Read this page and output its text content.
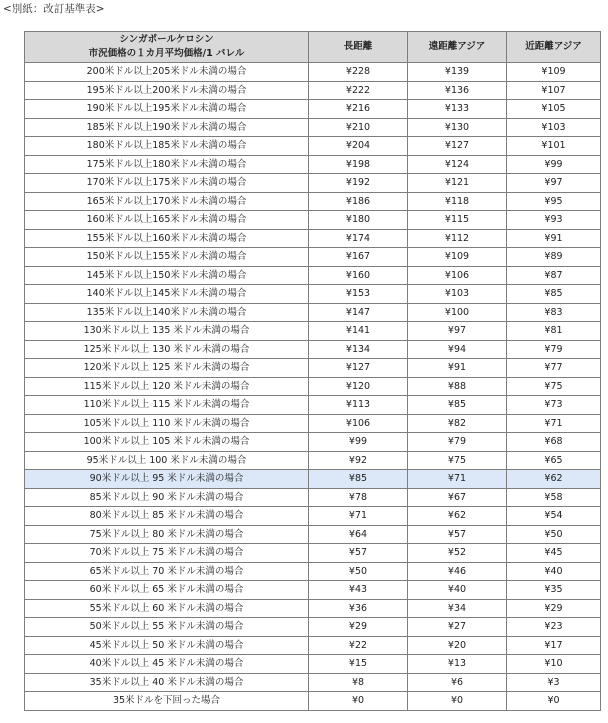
<別紙：改訂基準表>
シンガポールケロシン
市況価格の１カ月平均価格/1 バレル	長距離	遠距離アジア	近距離アジア
200米ドル以上205米ドル未満の場合	¥228	¥139	¥109
195米ドル以上200米ドル未満の場合	¥222	¥136	¥107
190米ドル以上195米ドル未満の場合	¥216	¥133	¥105
185米ドル以上190米ドル未満の場合	¥210	¥130	¥103
180米ドル以上185米ドル未満の場合	¥204	¥127	¥101
175米ドル以上180米ドル未満の場合	¥198	¥124	¥99
170米ドル以上175米ドル未満の場合	¥192	¥121	¥97
165米ドル以上170米ドル未満の場合	¥186	¥118	¥95
160米ドル以上165米ドル未満の場合	¥180	¥115	¥93
155米ドル以上160米ドル未満の場合	¥174	¥112	¥91
150米ドル以上155米ドル未満の場合	¥167	¥109	¥89
145米ドル以上150米ドル未満の場合	¥160	¥106	¥87
140米ドル以上145米ドル未満の場合	¥153	¥103	¥85
135米ドル以上140米ドル未満の場合	¥147	¥100	¥83
130米ドル以上 135 米ドル未満の場合	¥141	¥97	¥81
125米ドル以上 130 米ドル未満の場合	¥134	¥94	¥79
120米ドル以上 125 米ドル未満の場合	¥127	¥91	¥77
115米ドル以上 120 米ドル未満の場合	¥120	¥88	¥75
110米ドル以上 115 米ドル未満の場合	¥113	¥85	¥73
105米ドル以上 110 米ドル未満の場合	¥106	¥82	¥71
100米ドル以上 105 米ドル未満の場合	¥99	¥79	¥68
95米ドル以上 100 米ドル未満の場合	¥92	¥75	¥65
90米ドル以上 95 米ドル未満の場合	¥85	¥71	¥62
85米ドル以上 90 米ドル未満の場合	¥78	¥67	¥58
80米ドル以上 85 米ドル未満の場合	¥71	¥62	¥54
75米ドル以上 80 米ドル未満の場合	¥64	¥57	¥50
70米ドル以上 75 米ドル未満の場合	¥57	¥52	¥45
65米ドル以上 70 米ドル未満の場合	¥50	¥46	¥40
60米ドル以上 65 米ドル未満の場合	¥43	¥40	¥35
55米ドル以上 60 米ドル未満の場合	¥36	¥34	¥29
50米ドル以上 55 米ドル未満の場合	¥29	¥27	¥23
45米ドル以上 50 米ドル未満の場合	¥22	¥20	¥17
40米ドル以上 45 米ドル未満の場合	¥15	¥13	¥10
35米ドル以上 40 米ドル未満の場合	¥8	¥6	¥3
35米ドルを下回った場合	¥0	¥0	¥0
